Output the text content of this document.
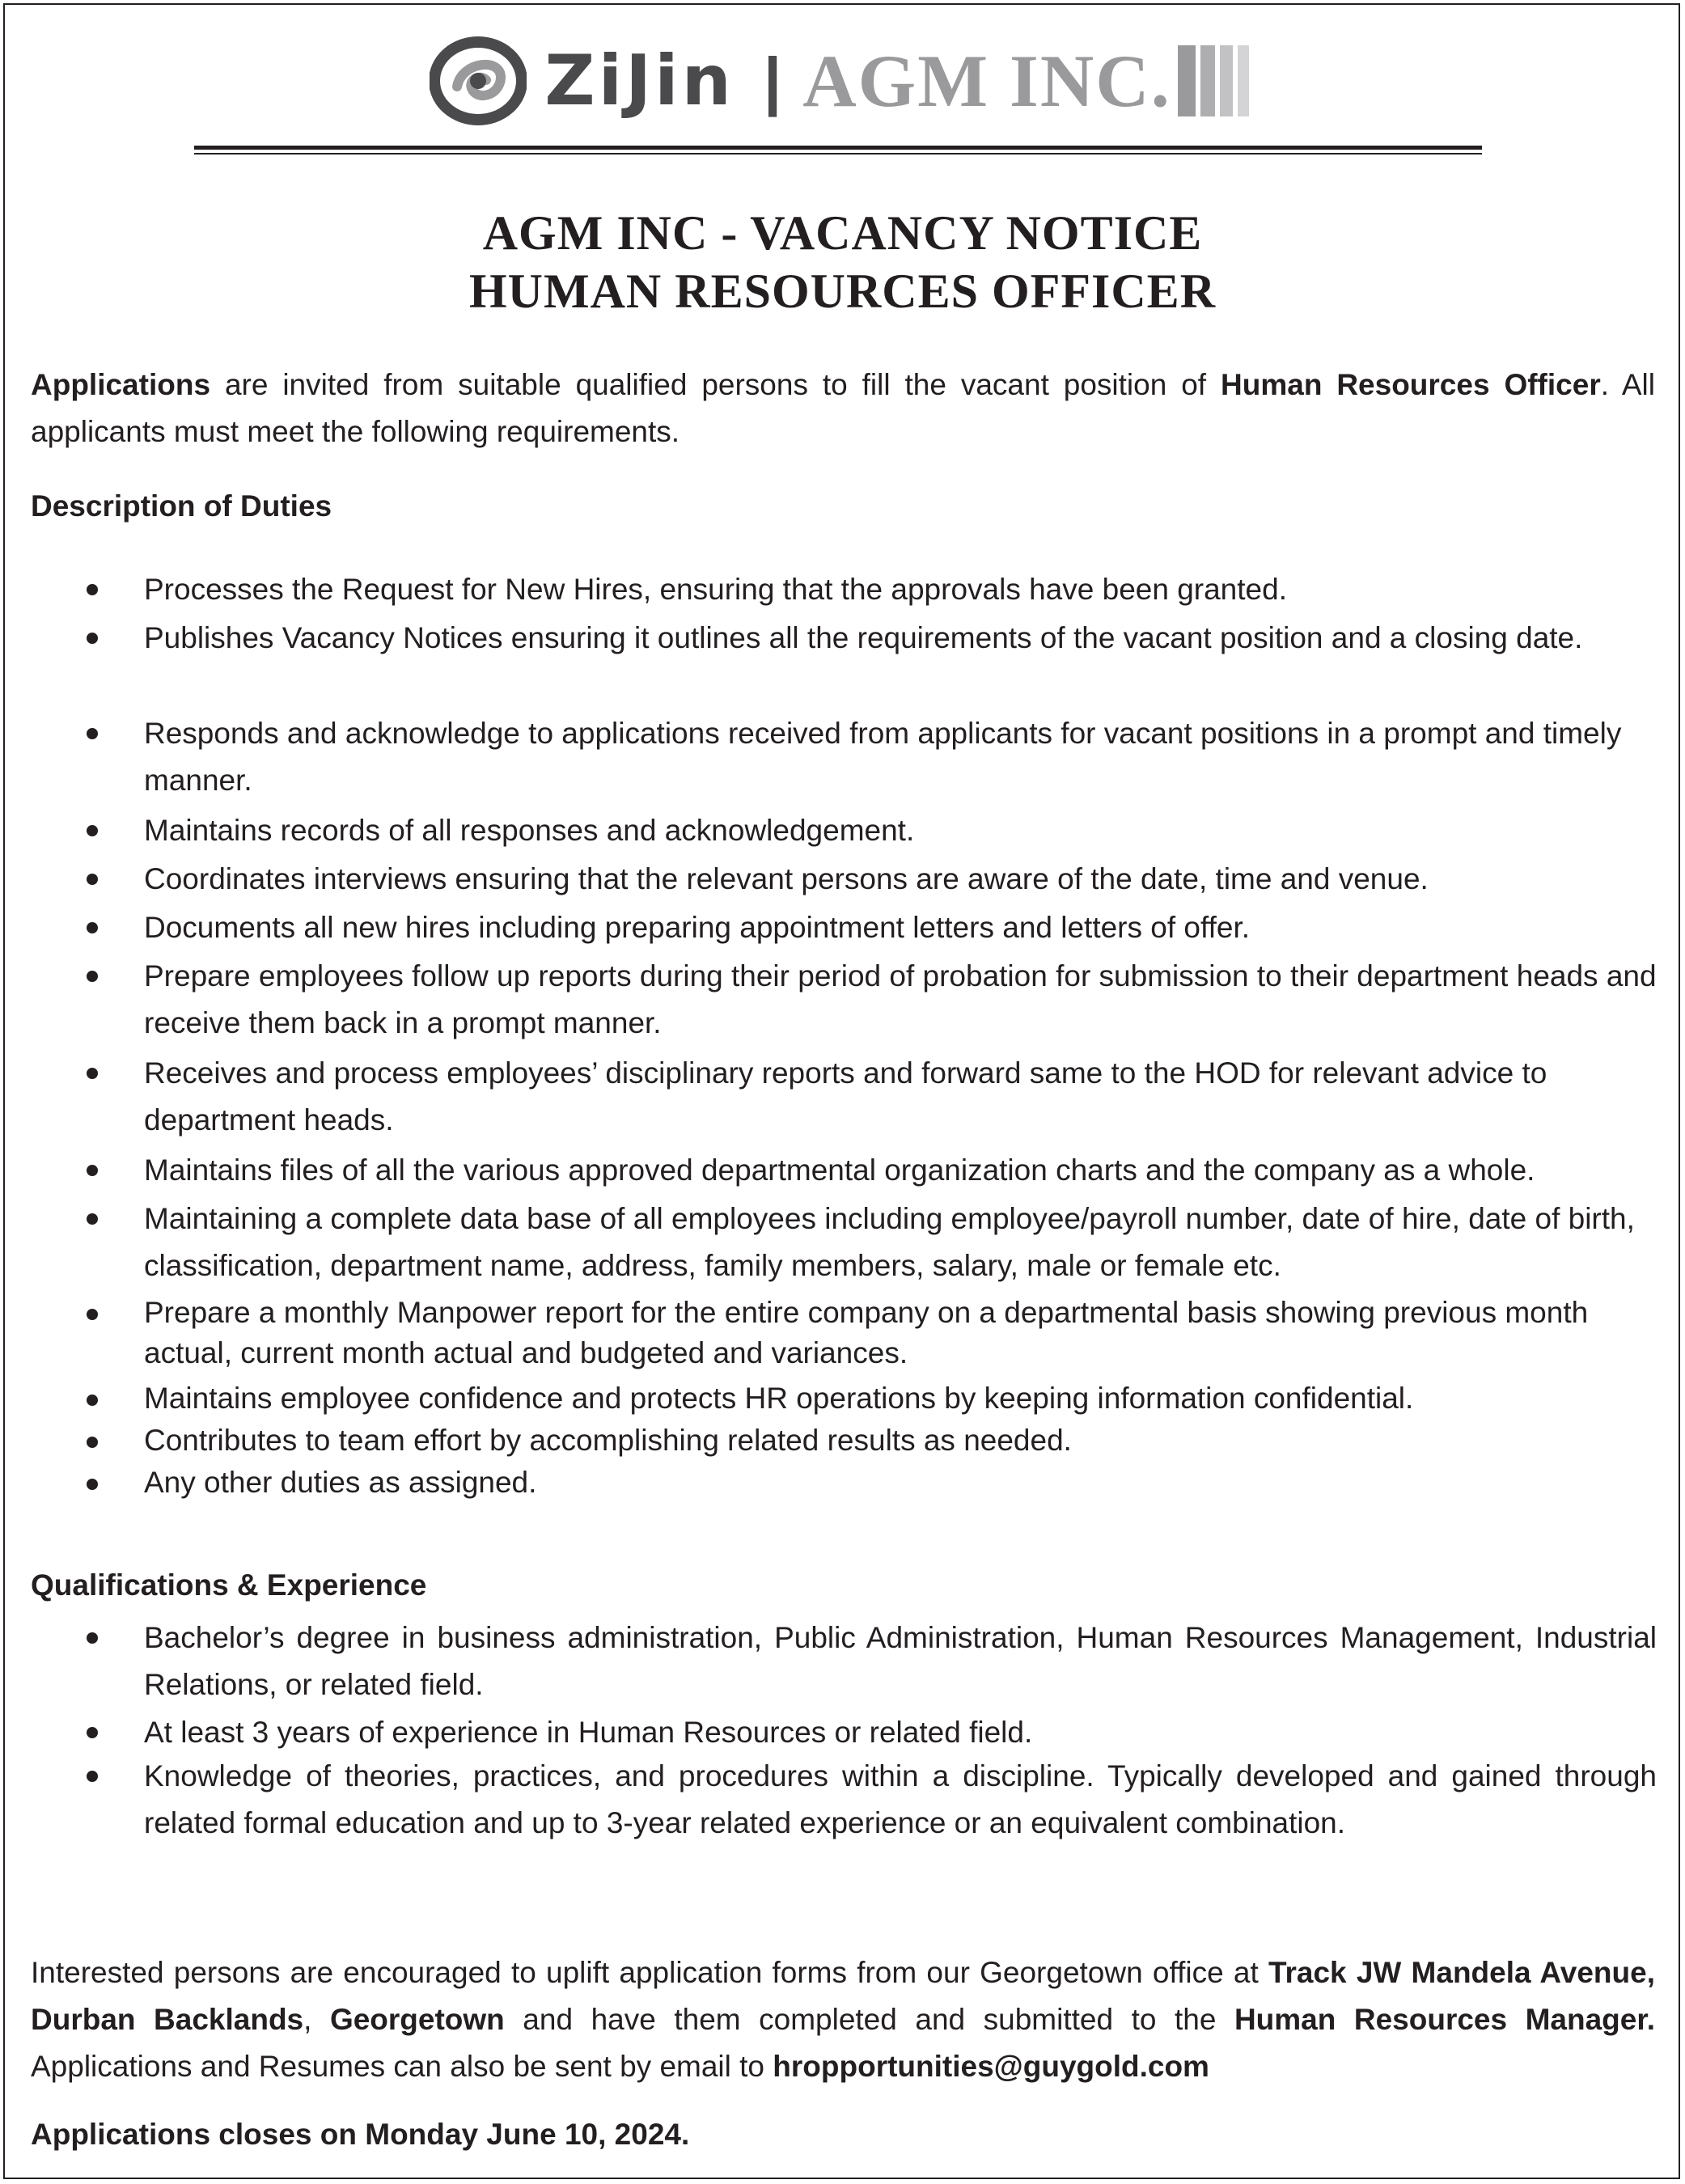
ZiJin | AGM INC.
AGM INC - VACANCY NOTICE
HUMAN RESOURCES OFFICER
Applications are invited from suitable qualified persons to fill the vacant position of Human Resources Officer. All
applicants must meet the following requirements.
Description of Duties
Processes the Request for New Hires, ensuring that the approvals have been granted.
Publishes Vacancy Notices ensuring it outlines all the requirements of the vacant position and a closing date.
Responds and acknowledge to applications received from applicants for vacant positions in a prompt and timely manner.
Maintains records of all responses and acknowledgement.
Coordinates interviews ensuring that the relevant persons are aware of the date, time and venue.
Documents all new hires including preparing appointment letters and letters of offer.
Prepare employees follow up reports during their period of probation for submission to their department heads and receive them back in a prompt manner.
Receives and process employees’ disciplinary reports and forward same to the HOD for relevant advice to department heads.
Maintains files of all the various approved departmental organization charts and the company as a whole.
Maintaining a complete data base of all employees including employee/payroll number, date of hire, date of birth, classification, department name, address, family members, salary, male or female etc.
Prepare a monthly Manpower report for the entire company on a departmental basis showing previous month actual, current month actual and budgeted and variances.
Maintains employee confidence and protects HR operations by keeping information confidential.
Contributes to team effort by accomplishing related results as needed.
Any other duties as assigned.
Qualifications & Experience
Bachelor’s degree in business administration, Public Administration, Human Resources Management, Industrial Relations, or related field.
At least 3 years of experience in Human Resources or related field.
Knowledge of theories, practices, and procedures within a discipline. Typically developed and gained through related formal education and up to 3-year related experience or an equivalent combination.
Interested persons are encouraged to uplift application forms from our Georgetown office at Track JW Mandela Avenue, Durban Backlands, Georgetown and have them completed and submitted to the Human Resources Manager. Applications and Resumes can also be sent by email to hropportunities@guygold.com
Applications closes on Monday June 10, 2024.
